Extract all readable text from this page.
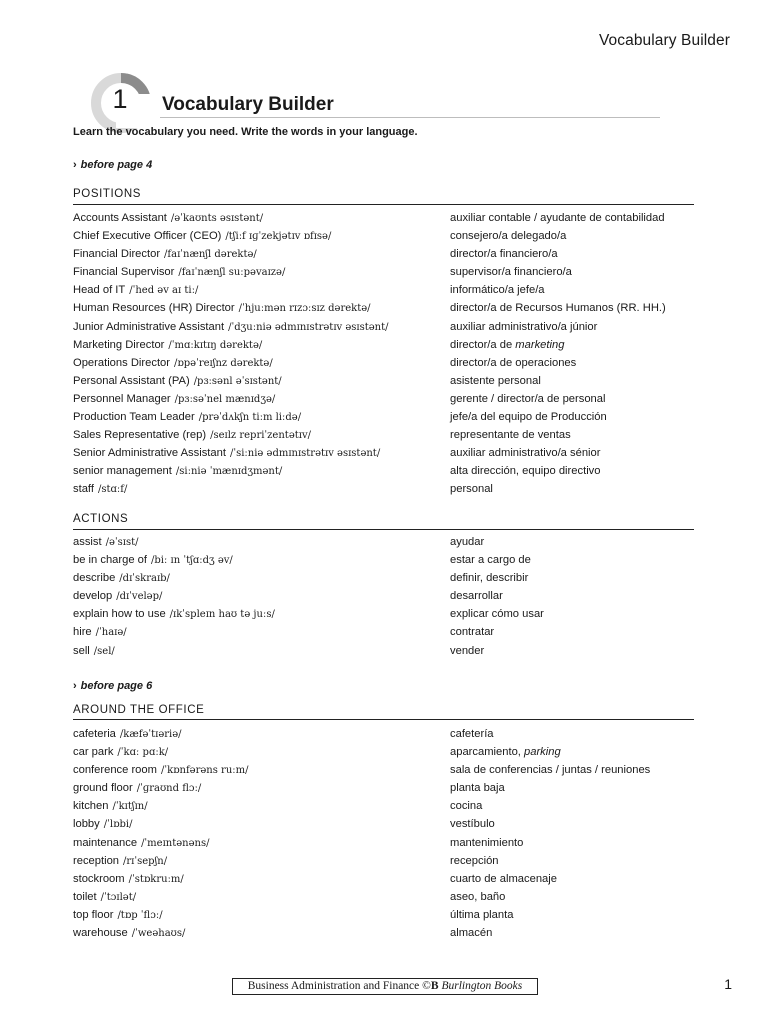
Vocabulary Builder
1 Vocabulary Builder
Learn the vocabulary you need. Write the words in your language.
› before page 4
POSITIONS
Accounts Assistant /əˈkaʊnts əsɪstənt/	auxiliar contable / ayudante de contabilidad
Chief Executive Officer (CEO) /tʃiːf ɪɡˈzekjətɪv ɒfɪsə/	consejero/a delegado/a
Financial Director /faɪˈnænʃl dərektə/	director/a financiero/a
Financial Supervisor /faɪˈnænʃl suːpəvaɪzə/	supervisor/a financiero/a
Head of IT /ˈhed əv aɪ tiː/	informático/a jefe/a
Human Resources (HR) Director /ˈhjuːmən rɪzɔːsɪz dərektə/	director/a de Recursos Humanos (RR. HH.)
Junior Administrative Assistant /ˈdʒuːniə ədmɪnɪstrətɪv əsɪstənt/	auxiliar administrativo/a júnior
Marketing Director /ˈmɑːkɪtɪŋ dərektə/	director/a de marketing
Operations Director /ɒpəˈreɪʃnz dərektə/	director/a de operaciones
Personal Assistant (PA) /pɜːsənl əˈsɪstənt/	asistente personal
Personnel Manager /pɜːsəˈnel mænɪdʒə/	gerente / director/a de personal
Production Team Leader /prəˈdʌkʃn tiːm liːdə/	jefe/a del equipo de Producción
Sales Representative (rep) /seɪlz repriˈzentətɪv/	representante de ventas
Senior Administrative Assistant /ˈsiːniə ədmɪnɪstrətɪv əsɪstənt/	auxiliar administrativo/a sénior
senior management /siːniə ˈmænɪdʒmənt/	alta dirección, equipo directivo
staff /stɑːf/	personal
ACTIONS
assist /əˈsɪst/	ayudar
be in charge of /biː ɪn ˈtʃɑːdʒ əv/	estar a cargo de
describe /dɪˈskraɪb/	definir, describir
develop /dɪˈveləp/	desarrollar
explain how to use /ɪkˈspleɪn haʊ tə juːs/	explicar cómo usar
hire /ˈhaɪə/	contratar
sell /sel/	vender
› before page 6
AROUND THE OFFICE
cafeteria /kæfəˈtɪəriə/	cafetería
car park /ˈkɑː pɑːk/	aparcamiento, parking
conference room /ˈkɒnfərəns ruːm/	sala de conferencias / juntas / reuniones
ground floor /ˈɡraʊnd flɔː/	planta baja
kitchen /ˈkɪtʃɪn/	cocina
lobby /ˈlɒbi/	vestíbulo
maintenance /ˈmeɪntənəns/	mantenimiento
reception /rɪˈsepʃn/	recepción
stockroom /ˈstɒkruːm/	cuarto de almacenaje
toilet /ˈtɔɪlət/	aseo, baño
top floor /tɒp ˈflɔː/	última planta
warehouse /ˈweəhaʊs/	almacén
Business Administration and Finance ©B Burlington Books	1
